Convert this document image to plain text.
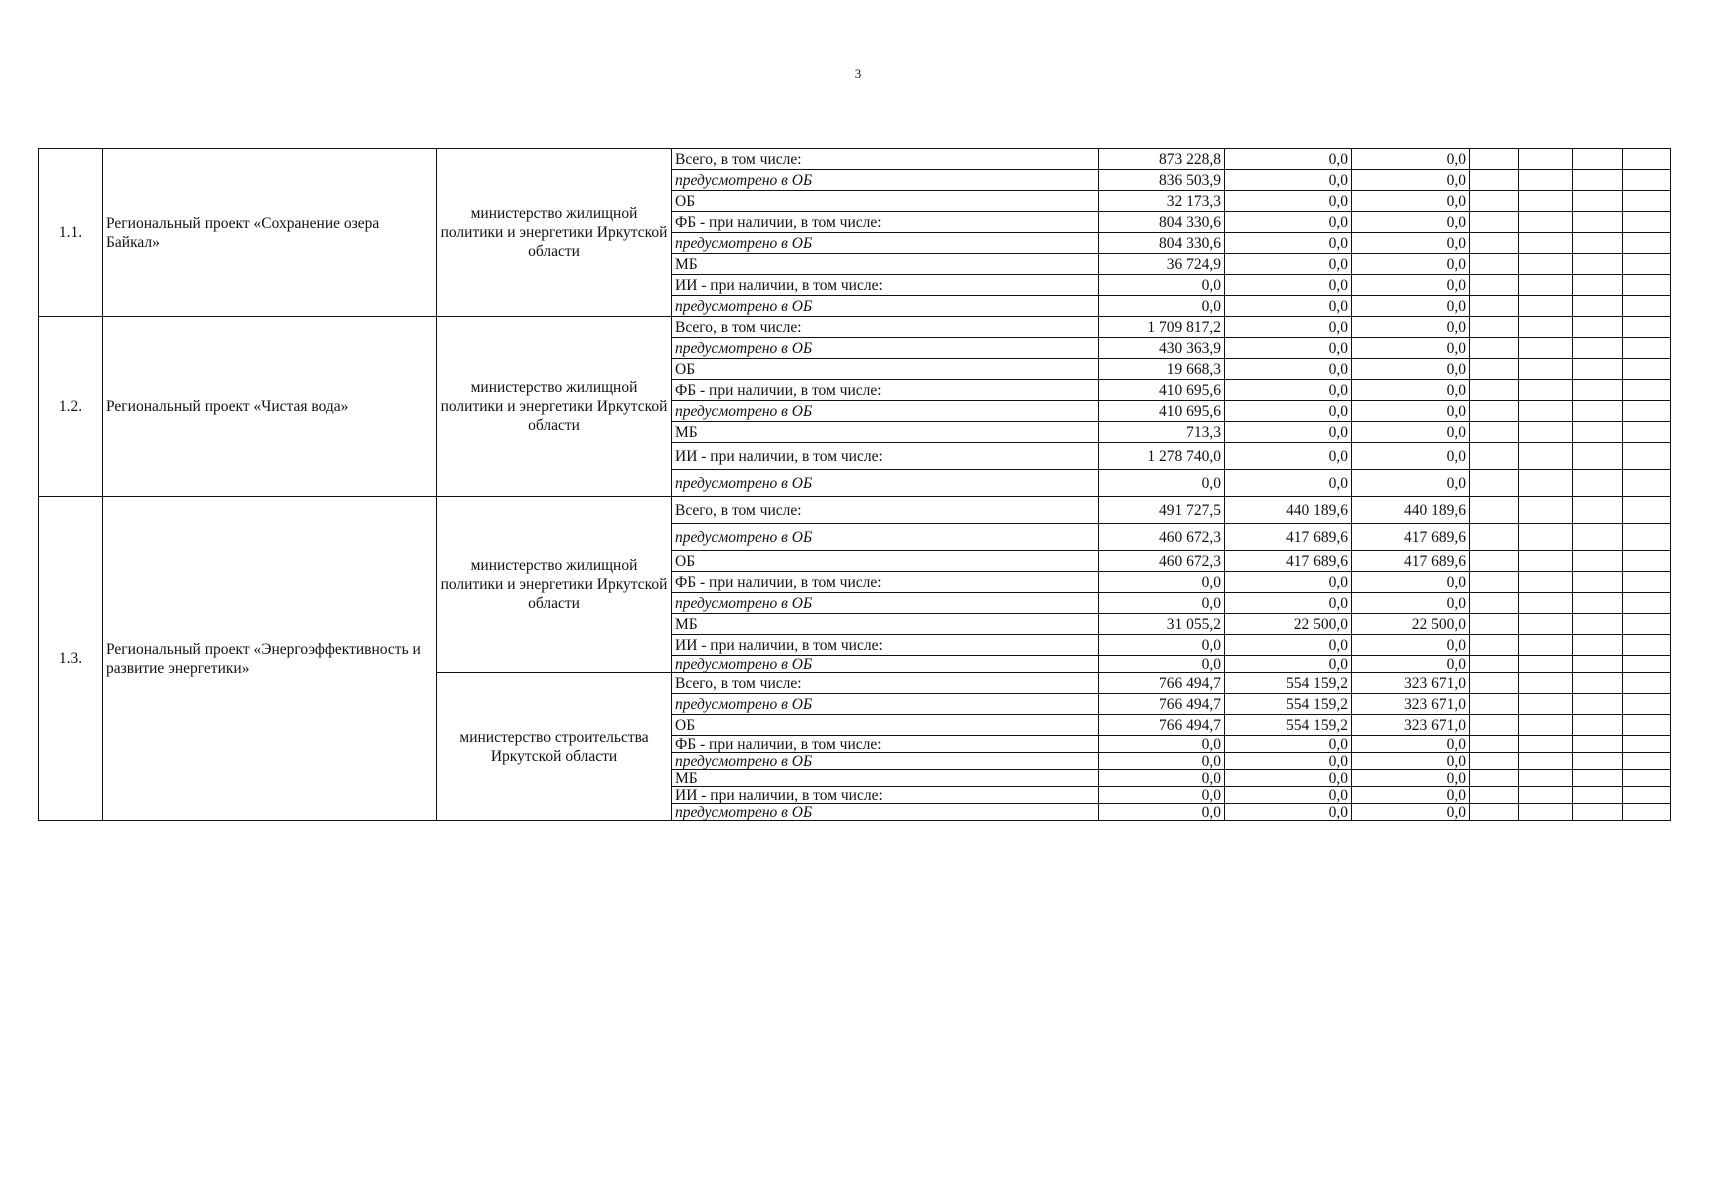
3
1.1.	Региональный проект «Сохранение озера Байкал»	министерство жилищной политики и энергетики Иркутской области	Всего, в том числе:	873 228,8	0,0	0,0				
			предусмотрено в ОБ	836 503,9	0,0	0,0				
			ОБ	32 173,3	0,0	0,0				
			ФБ - при наличии, в том числе:	804 330,6	0,0	0,0				
			предусмотрено в ОБ	804 330,6	0,0	0,0				
			МБ	36 724,9	0,0	0,0				
			ИИ - при наличии, в том числе:	0,0	0,0	0,0				
			предусмотрено в ОБ	0,0	0,0	0,0				
1.2.	Региональный проект «Чистая вода»	министерство жилищной политики и энергетики Иркутской области	Всего, в том числе:	1 709 817,2	0,0	0,0				
			предусмотрено в ОБ	430 363,9	0,0	0,0				
			ОБ	19 668,3	0,0	0,0				
			ФБ - при наличии, в том числе:	410 695,6	0,0	0,0				
			предусмотрено в ОБ	410 695,6	0,0	0,0				
			МБ	713,3	0,0	0,0				
			ИИ - при наличии, в том числе:	1 278 740,0	0,0	0,0				
			предусмотрено в ОБ	0,0	0,0	0,0				
1.3.	Региональный проект «Энергоэффективность и развитие энергетики»	министерство жилищной политики и энергетики Иркутской области	Всего, в том числе:	491 727,5	440 189,6	440 189,6				
			предусмотрено в ОБ	460 672,3	417 689,6	417 689,6				
			ОБ	460 672,3	417 689,6	417 689,6				
			ФБ - при наличии, в том числе:	0,0	0,0	0,0				
			предусмотрено в ОБ	0,0	0,0	0,0				
			МБ	31 055,2	22 500,0	22 500,0				
			ИИ - при наличии, в том числе:	0,0	0,0	0,0				
			предусмотрено в ОБ	0,0	0,0	0,0				
		министерство строительства Иркутской области	Всего, в том числе:	766 494,7	554 159,2	323 671,0				
			предусмотрено в ОБ	766 494,7	554 159,2	323 671,0				
			ОБ	766 494,7	554 159,2	323 671,0				
			ФБ - при наличии, в том числе:	0,0	0,0	0,0				
			предусмотрено в ОБ	0,0	0,0	0,0				
			МБ	0,0	0,0	0,0				
			ИИ - при наличии, в том числе:	0,0	0,0	0,0				
			предусмотрено в ОБ	0,0	0,0	0,0				
